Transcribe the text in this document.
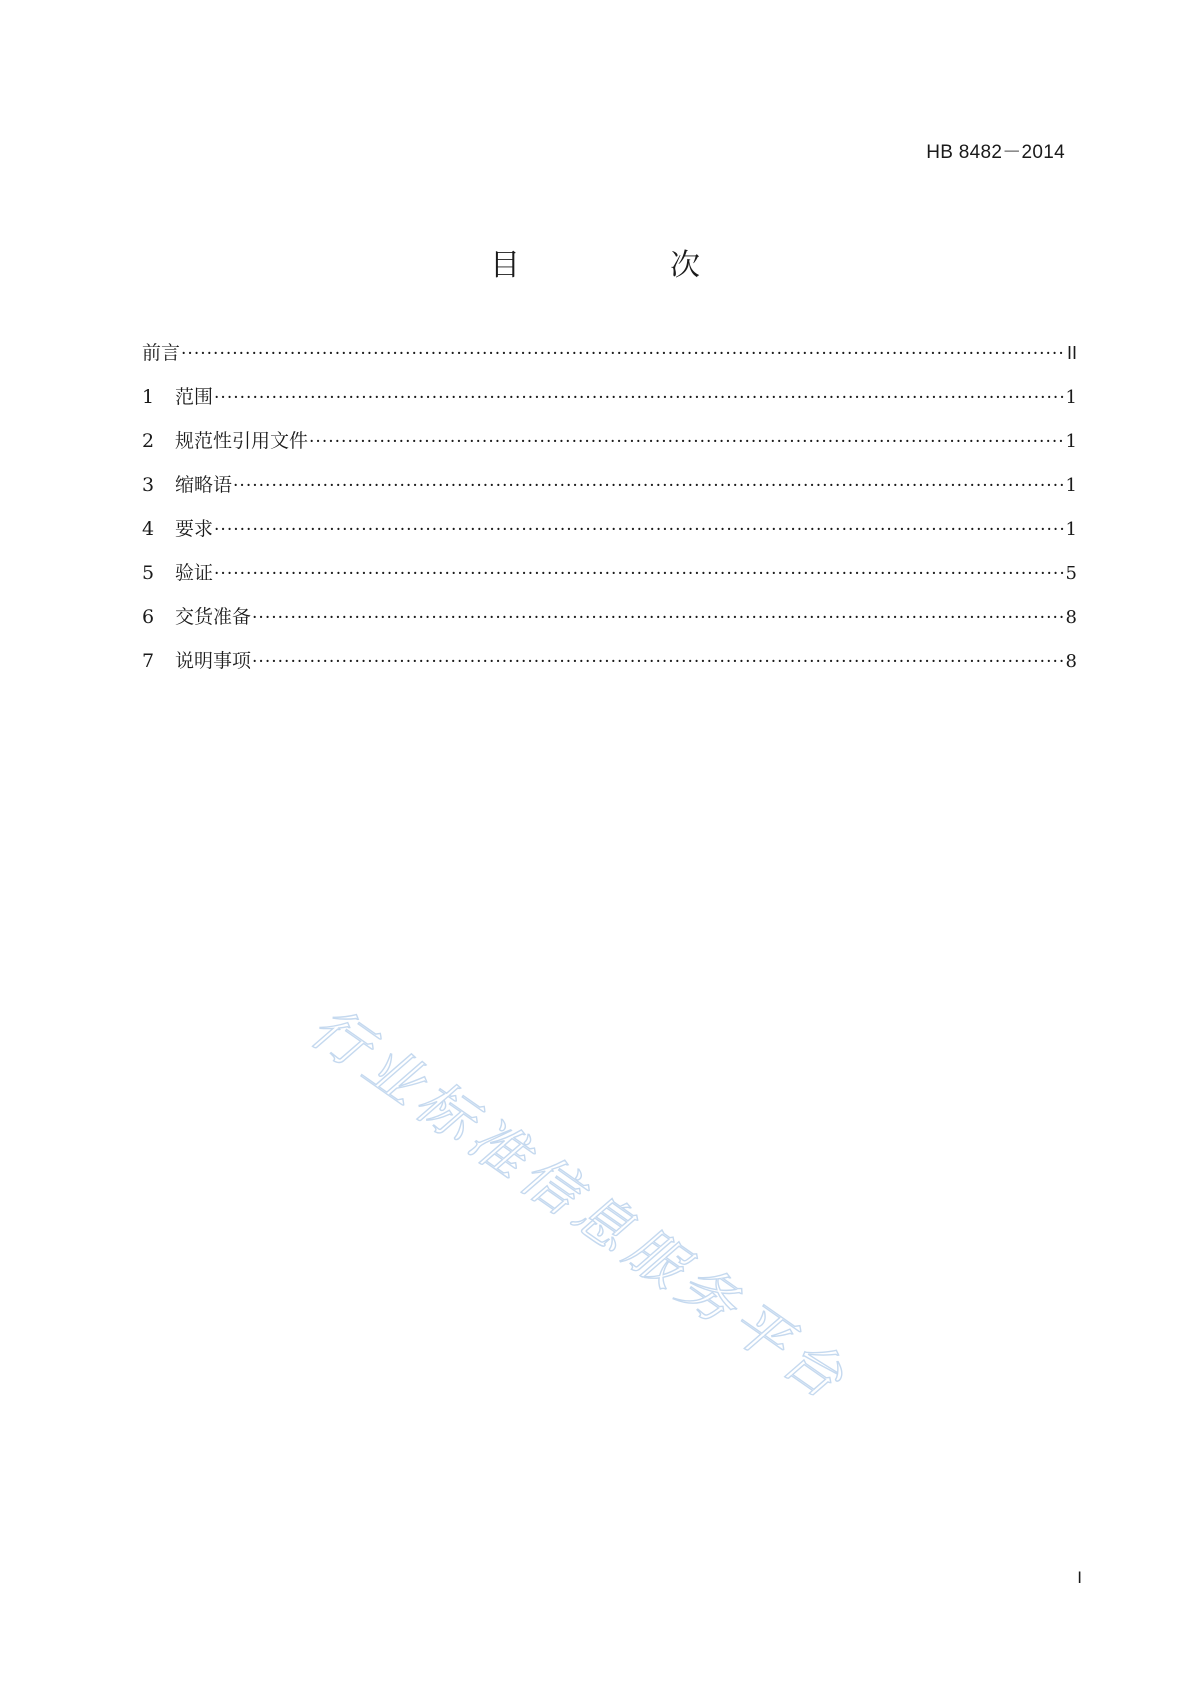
HB 8482－2014
目　次
前言 ·····	II
1	范围 ·····	1
2	规范性引用文件 ·····	1
3	缩略语 ·····	1
4	要求 ·····	1
5	验证 ·····	5
6	交货准备 ·····	8
7	说明事项 ·····	8
行业标准信息服务平台
I
